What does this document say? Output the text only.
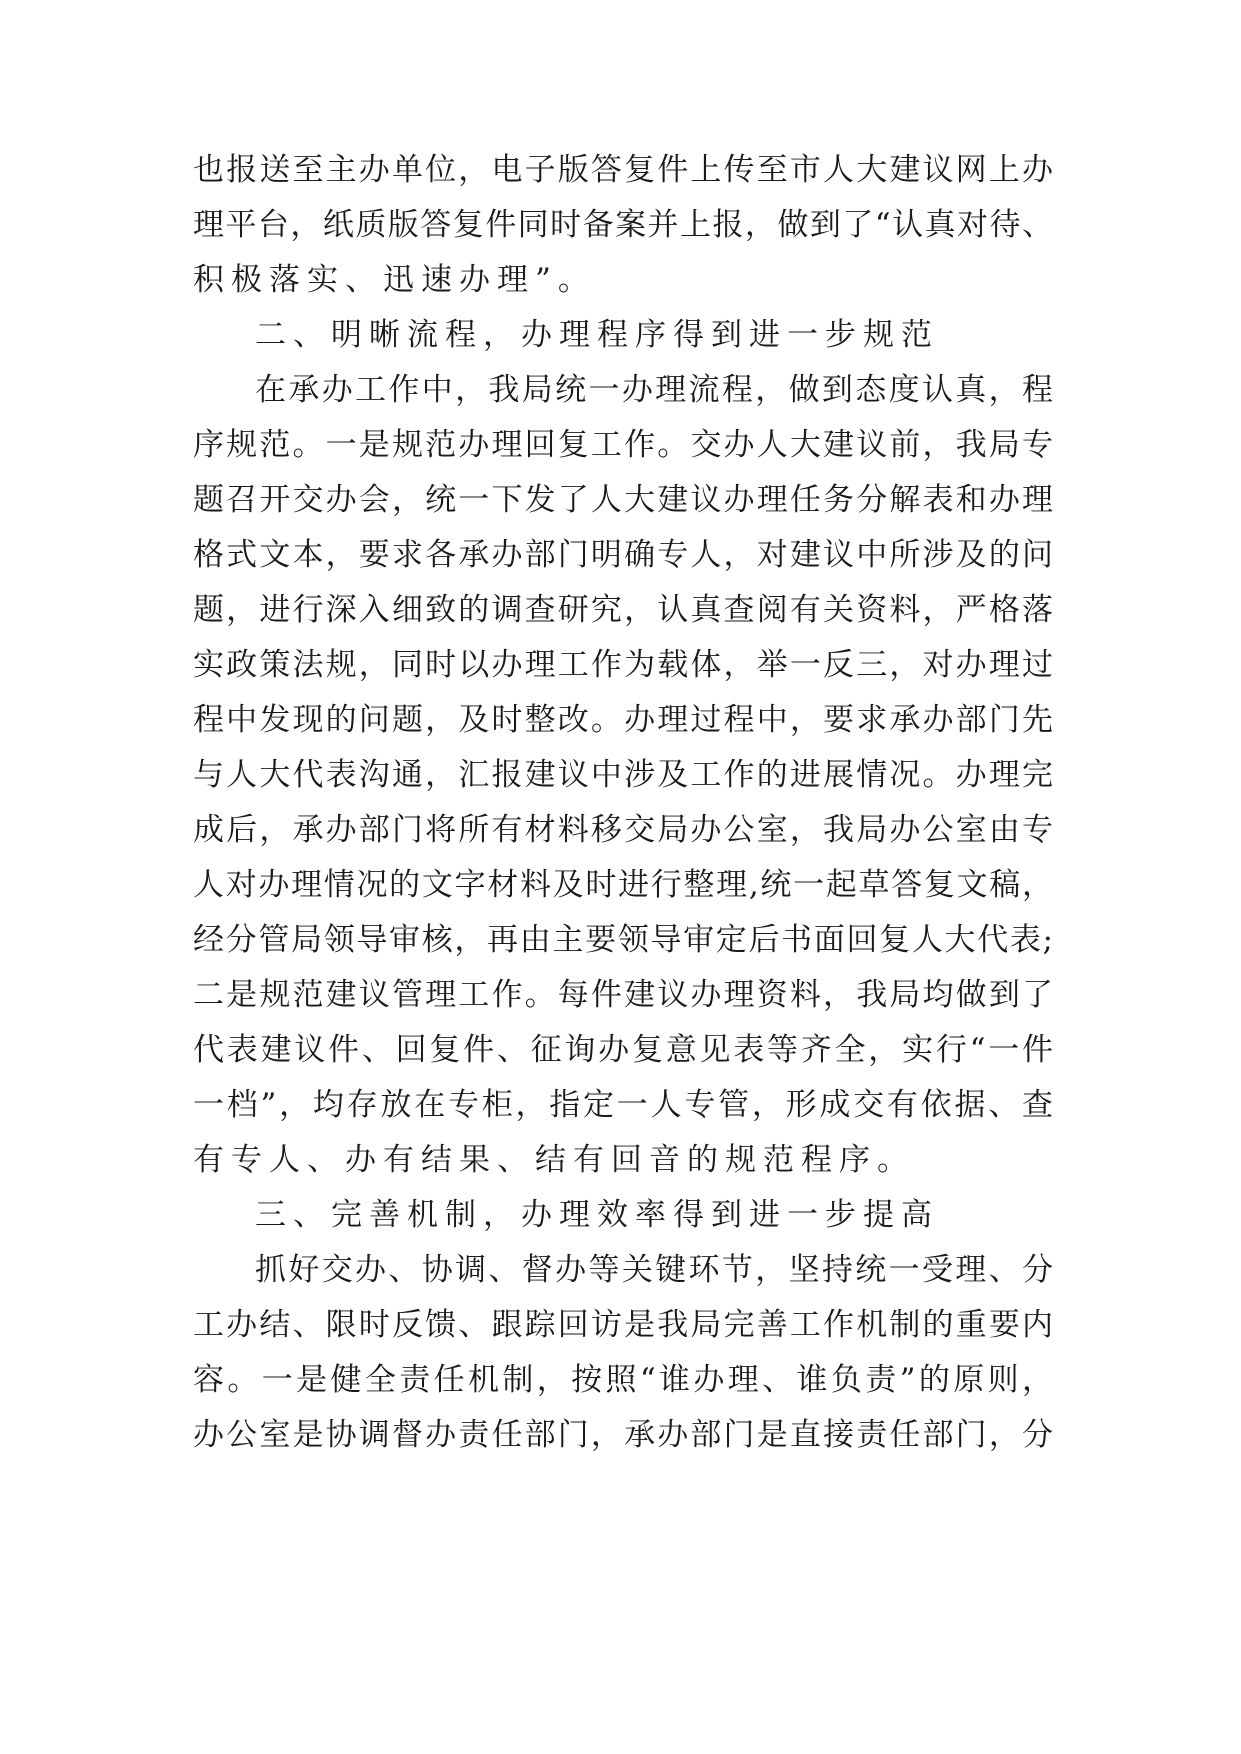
也报送至主办单位，电子版答复件上传至市人大建议网上办
理平台，纸质版答复件同时备案并上报，做到了“认真对待、
积极落实、迅速办理”。
二、明晰流程，办理程序得到进一步规范
在承办工作中，我局统一办理流程，做到态度认真，程
序规范。一是规范办理回复工作。交办人大建议前，我局专
题召开交办会，统一下发了人大建议办理任务分解表和办理
格式文本，要求各承办部门明确专人，对建议中所涉及的问
题，进行深入细致的调查研究，认真查阅有关资料，严格落
实政策法规，同时以办理工作为载体，举一反三，对办理过
程中发现的问题，及时整改。办理过程中，要求承办部门先
与人大代表沟通，汇报建议中涉及工作的进展情况。办理完
成后，承办部门将所有材料移交局办公室，我局办公室由专
人对办理情况的文字材料及时进行整理,统一起草答复文稿，
经分管局领导审核，再由主要领导审定后书面回复人大代表;
二是规范建议管理工作。每件建议办理资料，我局均做到了
代表建议件、回复件、征询办复意见表等齐全，实行“一件
一档”，均存放在专柜，指定一人专管，形成交有依据、查
有专人、办有结果、结有回音的规范程序。
三、完善机制，办理效率得到进一步提高
抓好交办、协调、督办等关键环节，坚持统一受理、分
工办结、限时反馈、跟踪回访是我局完善工作机制的重要内
容。一是健全责任机制，按照“谁办理、谁负责”的原则，
办公室是协调督办责任部门，承办部门是直接责任部门，分
